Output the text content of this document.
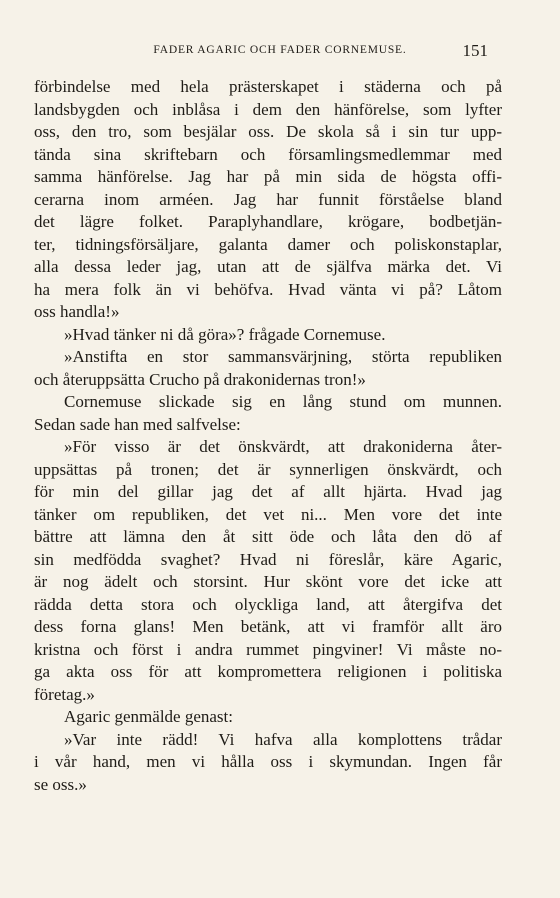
FADER AGARIC OCH FADER CORNEMUSE.	151
förbindelse med hela prästerskapet i städerna och på
landsbygden och inblåsa i dem den hänförelse, som lyfter
oss, den tro, som besjälar oss. De skola så i sin tur upp-
tända sina skriftebarn och församlingsmedlemmar med
samma hänförelse. Jag har på min sida de högsta offi-
cerarna inom arméen. Jag har funnit förståelse bland
det lägre folket. Paraplyhandlare, krögare, bodbetjän-
ter, tidningsförsäljare, galanta damer och poliskonstaplar,
alla dessa leder jag, utan att de själfva märka det. Vi
ha mera folk än vi behöfva. Hvad vänta vi på? Låtom
oss handla!»
»Hvad tänker ni då göra»? frågade Cornemuse.
»Anstifta en stor sammansvärjning, störta republiken
och återuppsätta Crucho på drakonidernas tron!»
Cornemuse slickade sig en lång stund om munnen.
Sedan sade han med salfvelse:
»För visso är det önskvärdt, att drakoniderna åter-
uppsättas på tronen; det är synnerligen önskvärdt, och
för min del gillar jag det af allt hjärta. Hvad jag
tänker om republiken, det vet ni... Men vore det inte
bättre att lämna den åt sitt öde och låta den dö af
sin medfödda svaghet? Hvad ni föreslår, käre Agaric,
är nog ädelt och storsint. Hur skönt vore det icke att
rädda detta stora och olyckliga land, att återgifva det
dess forna glans! Men betänk, att vi framför allt äro
kristna och först i andra rummet pingviner! Vi måste no-
ga akta oss för att kompromettera religionen i politiska
företag.»
Agaric genmälde genast:
»Var inte rädd! Vi hafva alla komplottens trådar
i vår hand, men vi hålla oss i skymundan. Ingen får
se oss.»
